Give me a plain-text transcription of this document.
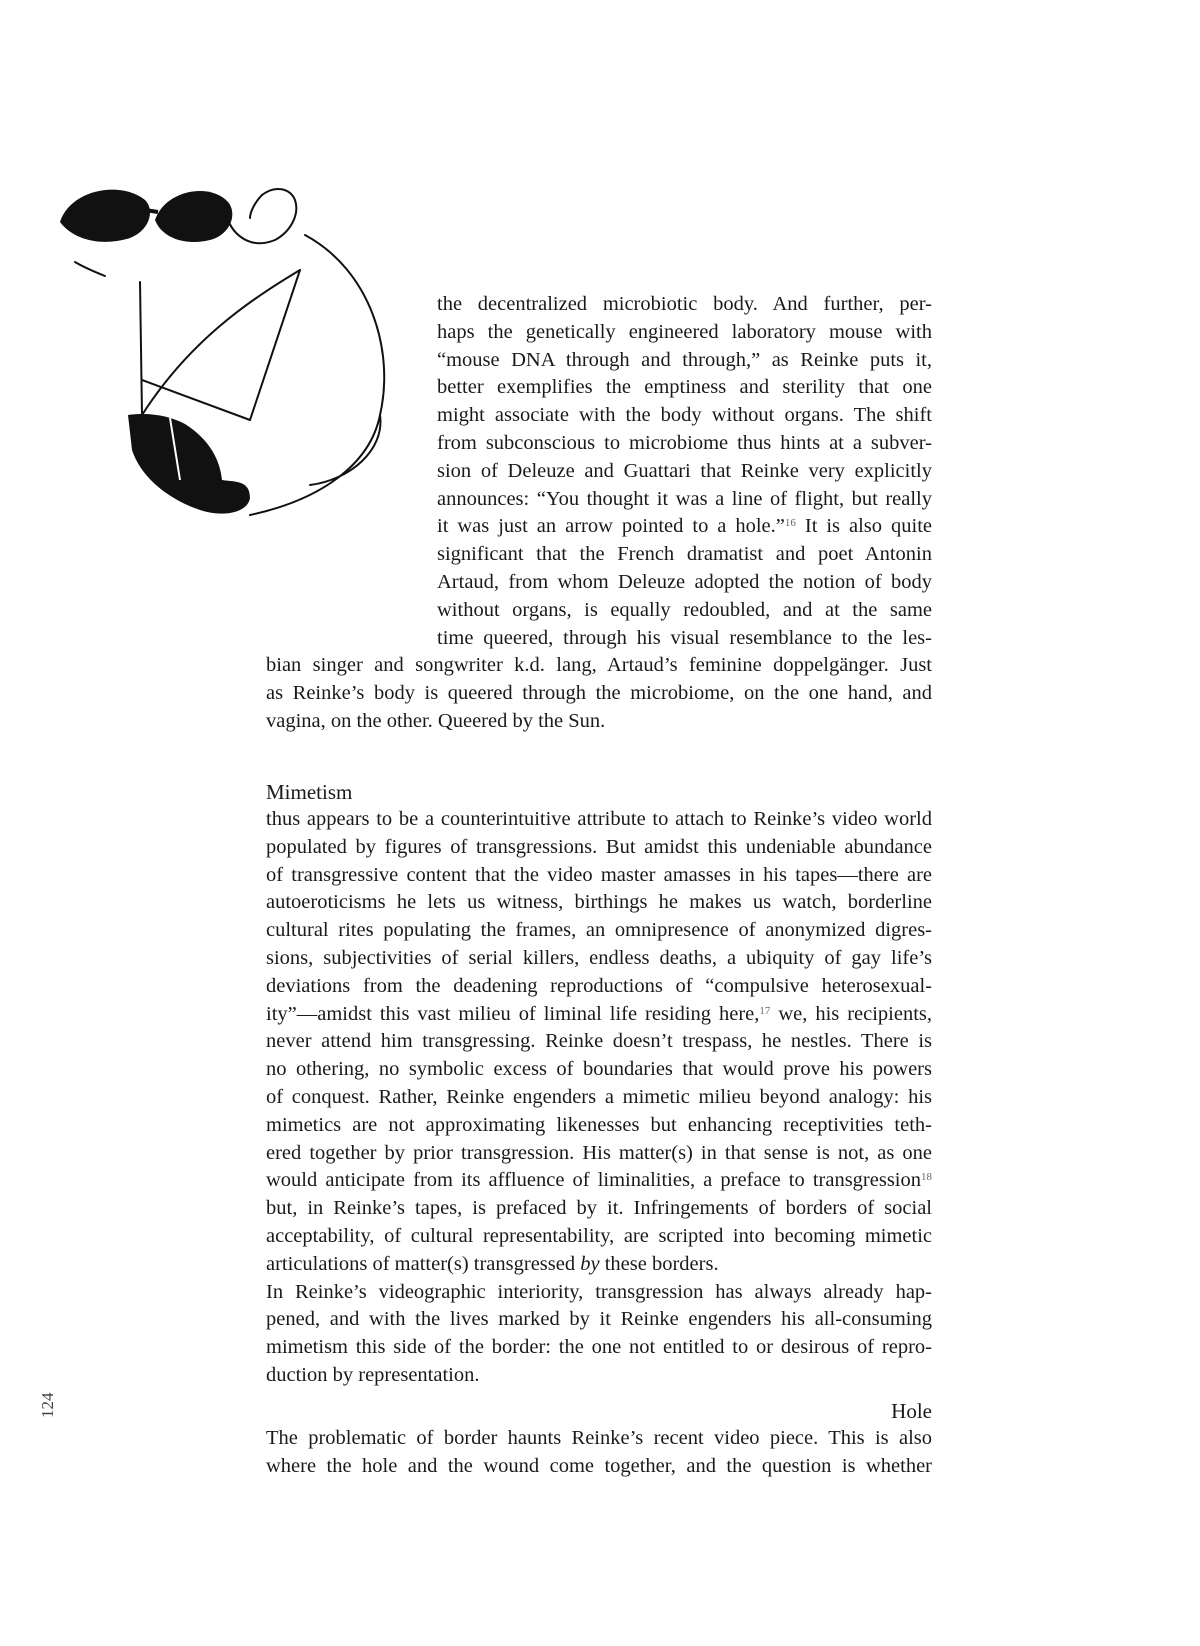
the decentralized microbiotic body. And further, per-
haps the genetically engineered laboratory mouse with
“mouse DNA through and through,” as Reinke puts it,
better exemplifies the emptiness and sterility that one
might associate with the body without organs. The shift
from subconscious to microbiome thus hints at a subver-
sion of Deleuze and Guattari that Reinke very explicitly
announces: “You thought it was a line of flight, but really
it was just an arrow pointed to a hole.”$^{16}$ It is also quite
significant that the French dramatist and poet Antonin
Artaud, from whom Deleuze adopted the notion of body
without organs, is equally redoubled, and at the same
time queered, through his visual resemblance to the les-
bian singer and songwriter k.d. lang, Artaud’s feminine doppelgänger. Just
as Reinke’s body is queered through the microbiome, on the one hand, and
vagina, on the other. Queered by the Sun.
Mimetism
thus appears to be a counterintuitive attribute to attach to Reinke’s video world
populated by figures of transgressions. But amidst this undeniable abundance
of transgressive content that the video master amasses in his tapes—there are
autoeroticisms he lets us witness, birthings he makes us watch, borderline
cultural rites populating the frames, an omnipresence of anonymized digres-
sions, subjectivities of serial killers, endless deaths, a ubiquity of gay life’s
deviations from the deadening reproductions of “compulsive heterosexual-
ity”—amidst this vast milieu of liminal life residing here,$^{17}$ we, his recipients,
never attend him transgressing. Reinke doesn’t trespass, he nestles. There is
no othering, no symbolic excess of boundaries that would prove his powers
of conquest. Rather, Reinke engenders a mimetic milieu beyond analogy: his
mimetics are not approximating likenesses but enhancing receptivities teth-
ered together by prior transgression. His matter(s) in that sense is not, as one
would anticipate from its affluence of liminalities, a preface to transgression$^{18}$
but, in Reinke’s tapes, is prefaced by it. Infringements of borders of social
acceptability, of cultural representability, are scripted into becoming mimetic
articulations of matter(s) transgressed by these borders.
In Reinke’s videographic interiority, transgression has always already hap-
pened, and with the lives marked by it Reinke engenders his all-consuming
mimetism this side of the border: the one not entitled to or desirous of repro-
duction by representation.
Hole
The problematic of border haunts Reinke’s recent video piece. This is also
where the hole and the wound come together, and the question is whether
124
